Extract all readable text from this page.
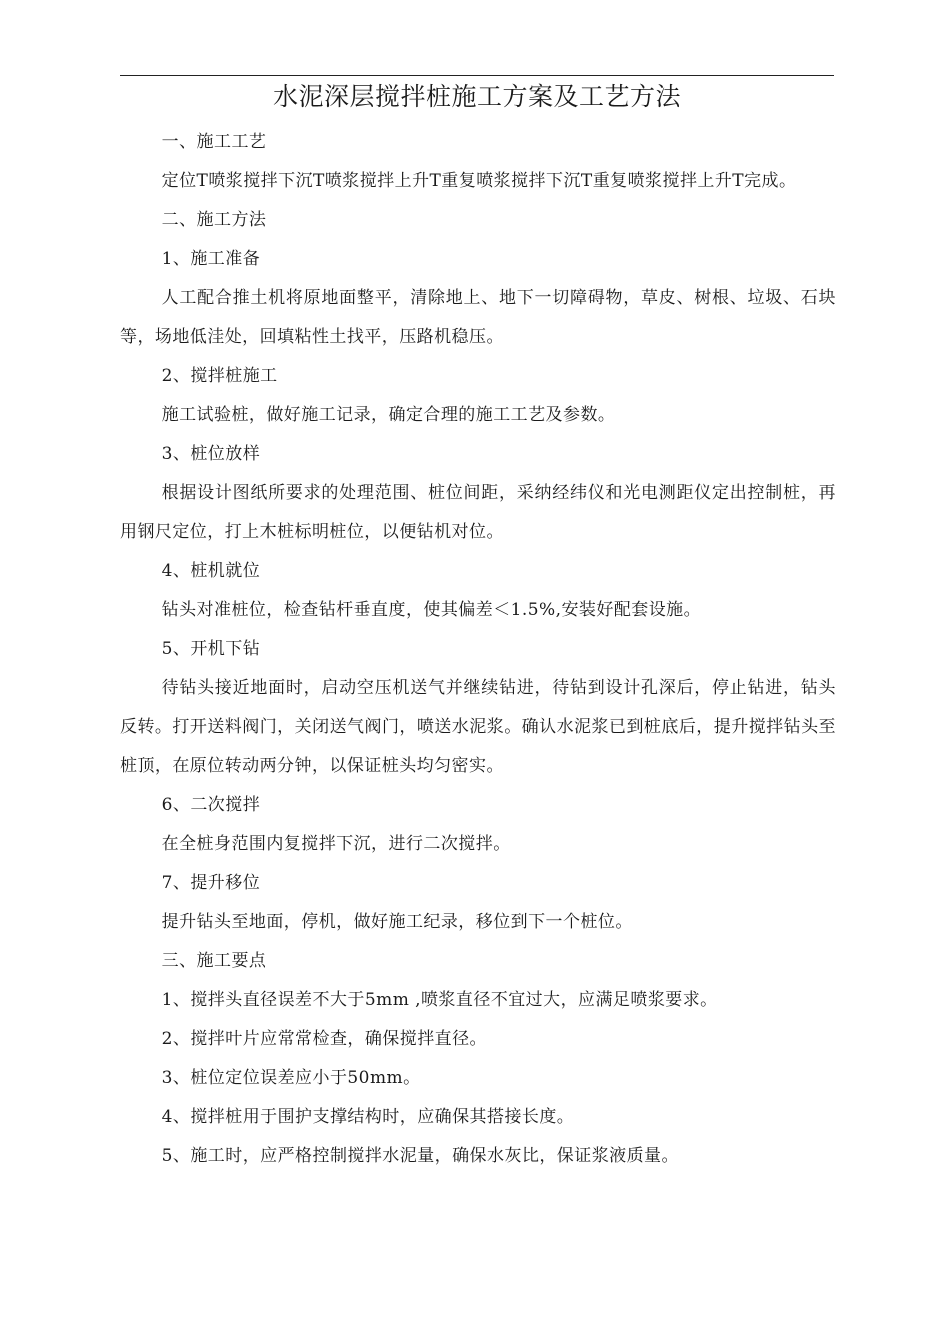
水泥深层搅拌桩施工方案及工艺方法

一、施工工艺

定位T喷浆搅拌下沉T喷浆搅拌上升T重复喷浆搅拌下沉T重复喷浆搅拌上升T完成。

二、施工方法

1、施工准备

人工配合推土机将原地面整平，清除地上、地下一切障碍物，草皮、树根、垃圾、石块等，场地低洼处，回填粘性土找平，压路机稳压。

2、搅拌桩施工

施工试验桩，做好施工记录，确定合理的施工工艺及参数。

3、桩位放样

根据设计图纸所要求的处理范围、桩位间距，采纳经纬仪和光电测距仪定出控制桩，再用钢尺定位，打上木桩标明桩位，以便钻机对位。

4、桩机就位

钻头对准桩位，检查钻杆垂直度，使其偏差＜1.5%,安装好配套设施。

5、开机下钻

待钻头接近地面时，启动空压机送气并继续钻进，待钻到设计孔深后，停止钻进，钻头反转。打开送料阀门，关闭送气阀门，喷送水泥浆。确认水泥浆已到桩底后，提升搅拌钻头至桩顶，在原位转动两分钟，以保证桩头均匀密实。

6、二次搅拌

在全桩身范围内复搅拌下沉，进行二次搅拌。

7、提升移位

提升钻头至地面，停机，做好施工纪录，移位到下一个桩位。

三、施工要点

1、搅拌头直径误差不大于5mm ,喷浆直径不宜过大，应满足喷浆要求。

2、搅拌叶片应常常检查，确保搅拌直径。

3、桩位定位误差应小于50mm。

4、搅拌桩用于围护支撑结构时，应确保其搭接长度。

5、施工时，应严格控制搅拌水泥量，确保水灰比，保证浆液质量。
